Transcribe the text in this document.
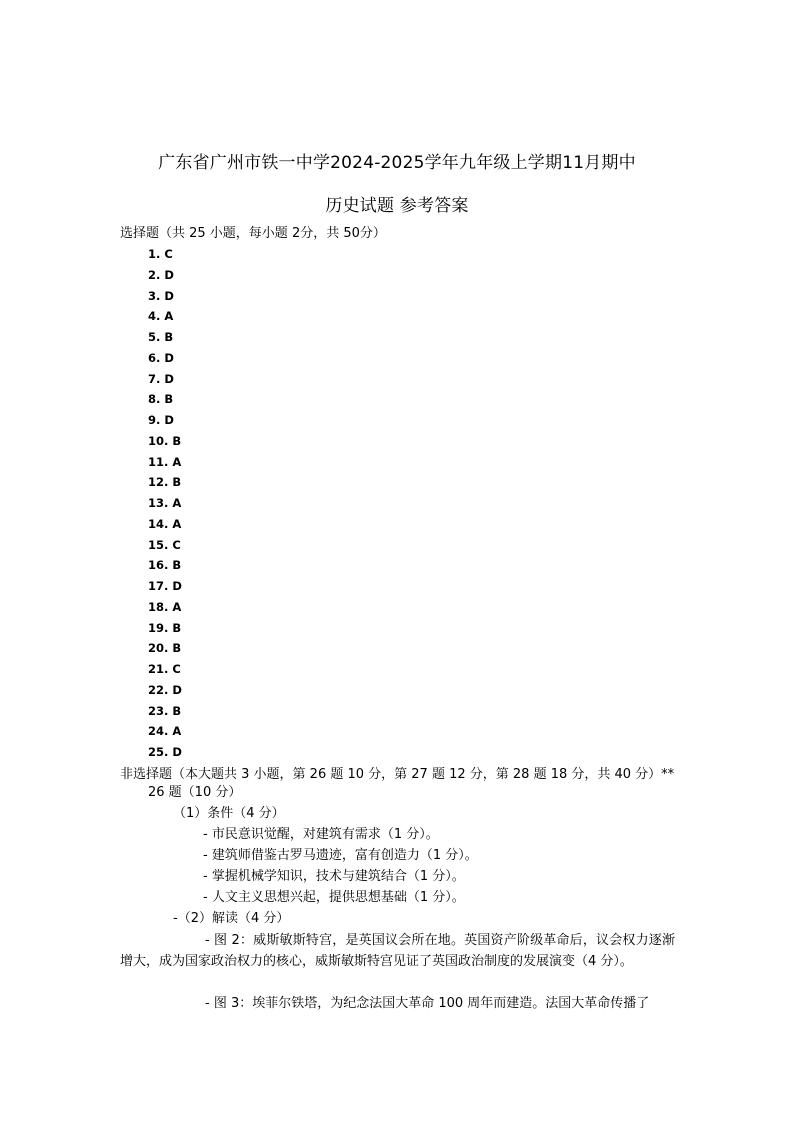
广东省广州市铁一中学2024-2025学年九年级上学期11月期中
历史试题 参考答案
选择题（共 25 小题，每小题 2分，共 50分）
1. C
2. D
3. D
4. A
5. B
6. D
7. D
8. B
9. D
10. B
11. A
12. B
13. A
14. A
15. C
16. B
17. D
18. A
19. B
20. B
21. C
22. D
23. B
24. A
25. D
非选择题（本大题共 3 小题，第 26 题 10 分，第 27 题 12 分，第 28 题 18 分，共 40 分）**
26 题（10 分）
（1）条件（4 分）
- 市民意识觉醒，对建筑有需求（1 分）。
- 建筑师借鉴古罗马遗迹，富有创造力（1 分）。
- 掌握机械学知识，技术与建筑结合（1 分）。
- 人文主义思想兴起，提供思想基础（1 分）。
-（2）解读（4 分）
- 图 2：威斯敏斯特宫，是英国议会所在地。英国资产阶级革命后，议会权力逐渐增大，成为国家政治权力的核心，威斯敏斯特宫见证了英国政治制度的发展演变（4 分）。
- 图 3：埃菲尔铁塔，为纪念法国大革命 100 周年而建造。法国大革命传播了
